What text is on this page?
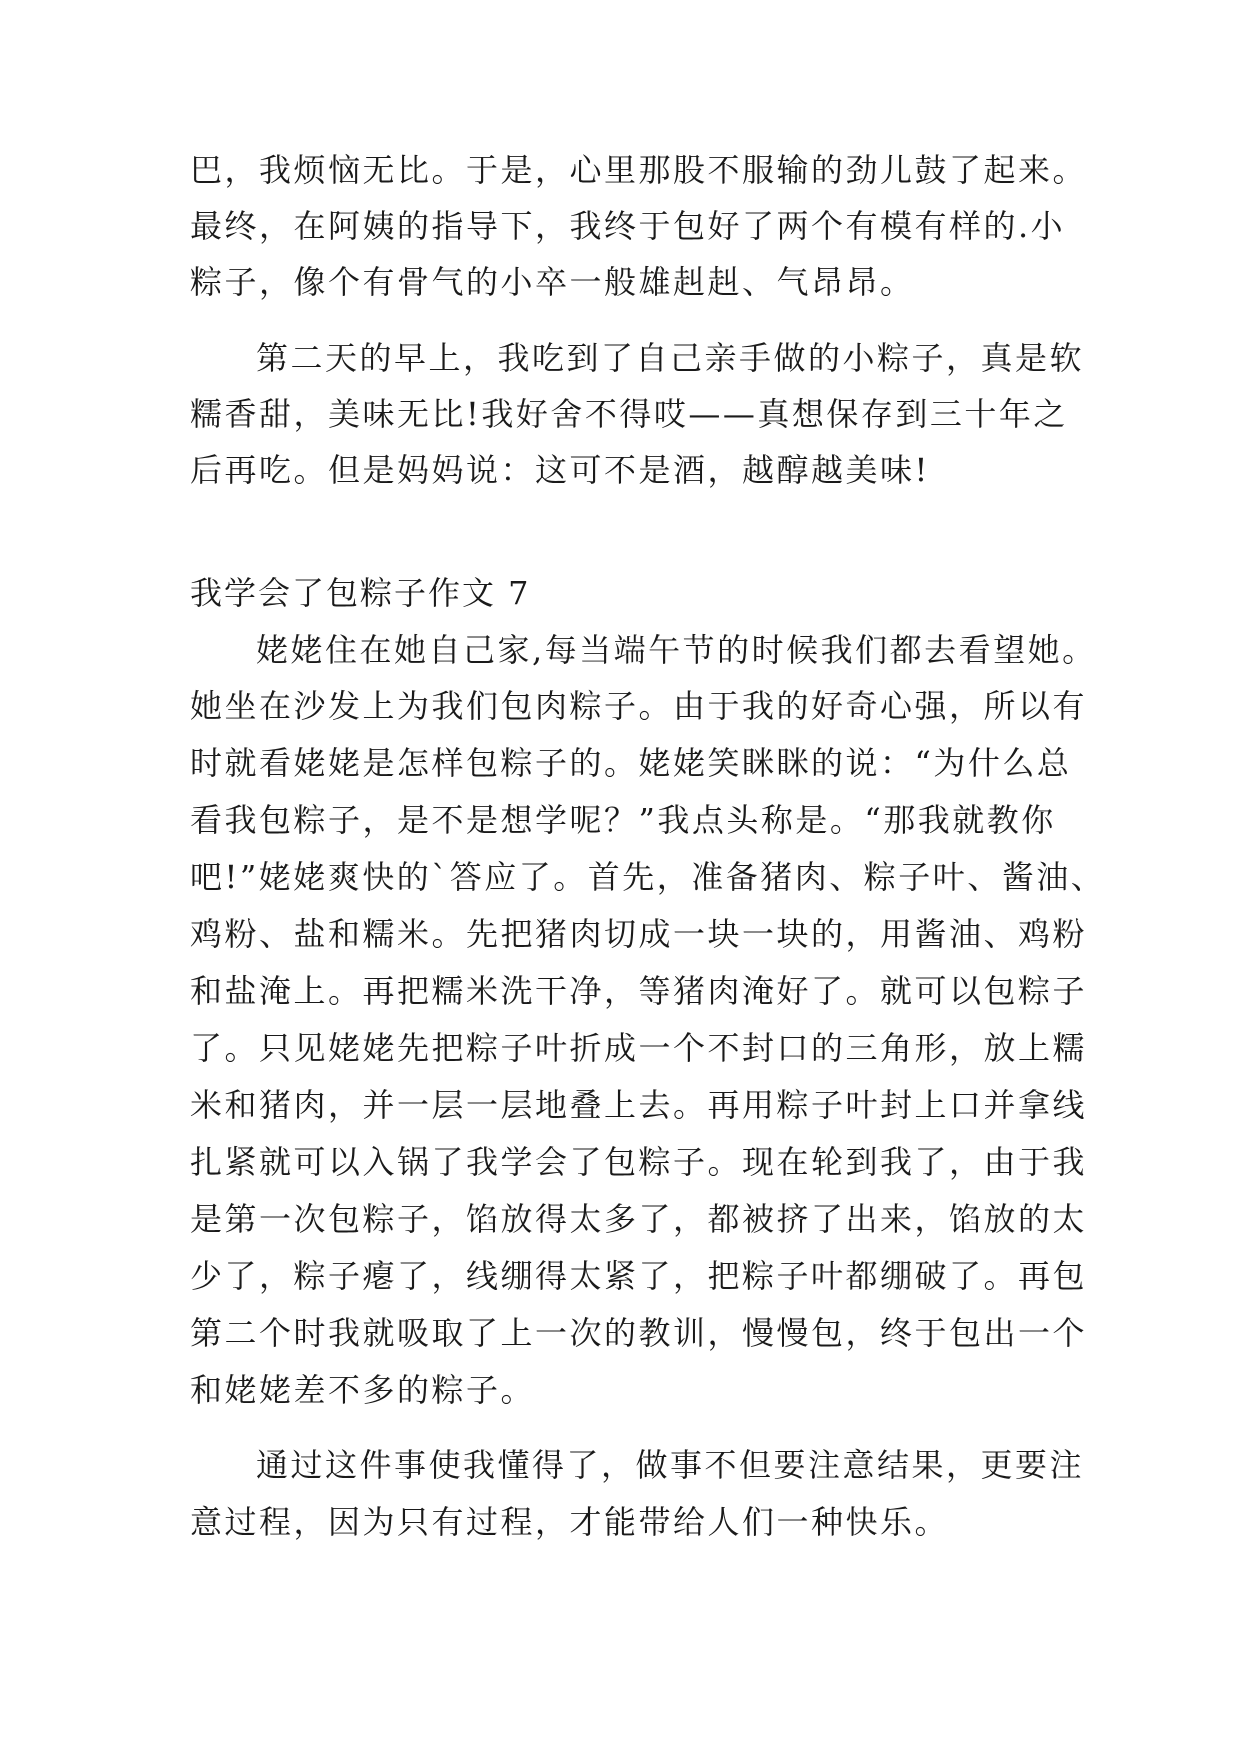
巴，我烦恼无比。于是，心里那股不服输的劲儿鼓了起来。
最终，在阿姨的指导下，我终于包好了两个有模有样的.小
粽子，像个有骨气的小卒一般雄赳赳、气昂昂。
第二天的早上，我吃到了自己亲手做的小粽子，真是软
糯香甜，美味无比!我好舍不得哎——真想保存到三十年之
后再吃。但是妈妈说：这可不是酒，越醇越美味!
我学会了包粽子作文 7
姥姥住在她自己家,每当端午节的时候我们都去看望她。
她坐在沙发上为我们包肉粽子。由于我的好奇心强，所以有
时就看姥姥是怎样包粽子的。姥姥笑眯眯的说：“为什么总
看我包粽子，是不是想学呢？”我点头称是。“那我就教你
吧!”姥姥爽快的`答应了。首先，准备猪肉、粽子叶、酱油、
鸡粉、盐和糯米。先把猪肉切成一块一块的，用酱油、鸡粉
和盐淹上。再把糯米洗干净，等猪肉淹好了。就可以包粽子
了。只见姥姥先把粽子叶折成一个不封口的三角形，放上糯
米和猪肉，并一层一层地叠上去。再用粽子叶封上口并拿线
扎紧就可以入锅了我学会了包粽子。现在轮到我了，由于我
是第一次包粽子，馅放得太多了，都被挤了出来，馅放的太
少了，粽子瘪了，线绷得太紧了，把粽子叶都绷破了。再包
第二个时我就吸取了上一次的教训，慢慢包，终于包出一个
和姥姥差不多的粽子。
通过这件事使我懂得了，做事不但要注意结果，更要注
意过程，因为只有过程，才能带给人们一种快乐。
